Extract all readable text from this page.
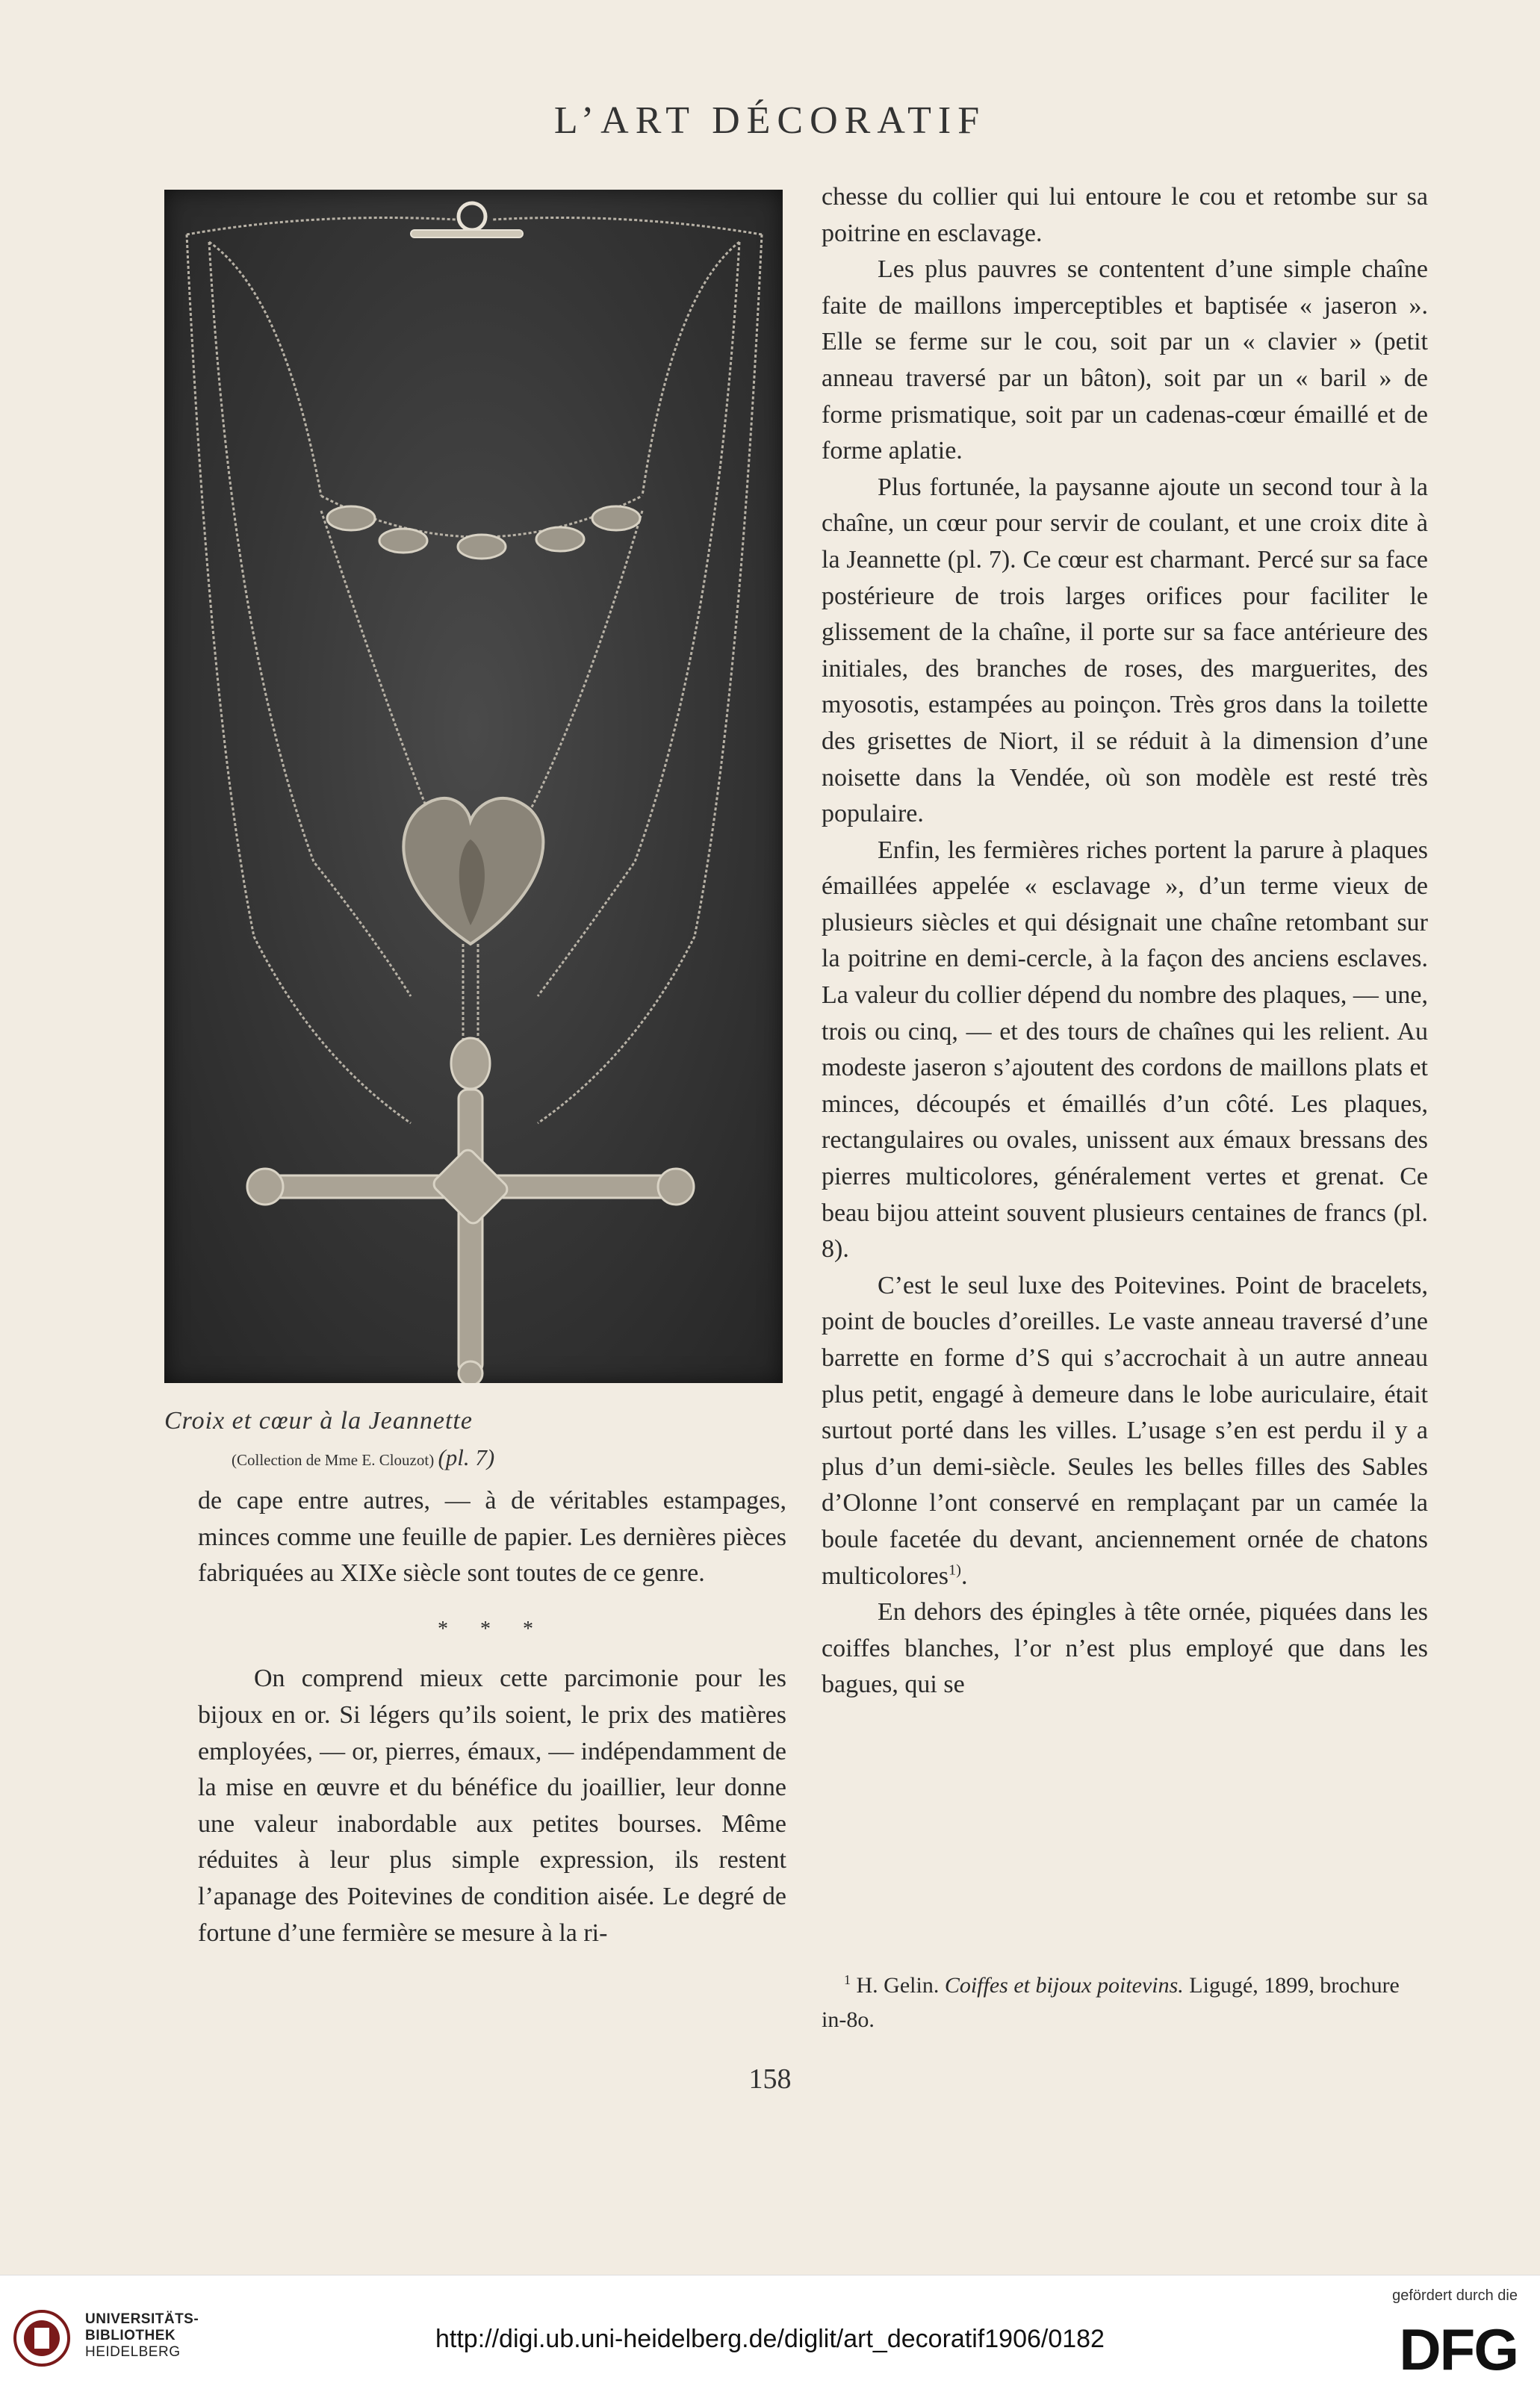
L’ART DÉCORATIF
Croix et cœur à la Jeannette
(Collection de Mme E. Clouzot) (pl. 7)

de cape entre autres, — à de véritables estampages, minces comme une feuille de papier. Les dernières pièces fabriquées au XIXe siècle sont toutes de ce genre.

* * *

On comprend mieux cette parcimonie pour les bijoux en or. Si légers qu’ils soient, le prix des matières employées, — or, pierres, émaux, — indépendamment de la mise en œuvre et du bénéfice du joaillier, leur donne une valeur inabordable aux petites bourses. Même réduites à leur plus simple expression, ils restent l’apanage des Poitevines de condition aisée. Le degré de fortune d’une fermière se mesure à la ri-

chesse du collier qui lui entoure le cou et retombe sur sa poitrine en esclavage.

Les plus pauvres se contentent d’une simple chaîne faite de maillons imperceptibles et baptisée « jaseron ». Elle se ferme sur le cou, soit par un « clavier » (petit anneau traversé par un bâton), soit par un « baril » de forme prismatique, soit par un cadenas-cœur émaillé et de forme aplatie.

Plus fortunée, la paysanne ajoute un second tour à la chaîne, un cœur pour servir de coulant, et une croix dite à la Jeannette (pl. 7). Ce cœur est charmant. Percé sur sa face postérieure de trois larges orifices pour faciliter le glissement de la chaîne, il porte sur sa face antérieure des initiales, des branches de roses, des marguerites, des myosotis, estampées au poinçon. Très gros dans la toilette des grisettes de Niort, il se réduit à la dimension d’une noisette dans la Vendée, où son modèle est resté très populaire.

Enfin, les fermières riches portent la parure à plaques émaillées appelée « esclavage », d’un terme vieux de plusieurs siècles et qui désignait une chaîne retombant sur la poitrine en demi-cercle, à la façon des anciens esclaves. La valeur du collier dépend du nombre des plaques, — une, trois ou cinq, — et des tours de chaînes qui les relient. Au modeste jaseron s’ajoutent des cordons de maillons plats et minces, découpés et émaillés d’un côté. Les plaques, rectangulaires ou ovales, unissent aux émaux bressans des pierres multicolores, généralement vertes et grenat. Ce beau bijou atteint souvent plusieurs centaines de francs (pl. 8).

C’est le seul luxe des Poitevines. Point de bracelets, point de boucles d’oreilles. Le vaste anneau traversé d’une barrette en forme d’S qui s’accrochait à un autre anneau plus petit, engagé à demeure dans le lobe auriculaire, était surtout porté dans les villes. L’usage s’en est perdu il y a plus d’un demi-siècle. Seules les belles filles des Sables d’Olonne l’ont conservé en remplaçant par un camée la boule facetée du devant, anciennement ornée de chatons multicolores$^{1)}$.

En dehors des épingles à tête ornée, piquées dans les coiffes blanches, l’or n’est plus employé que dans les bagues, qui se

$^1$ H. Gelin. Coiffes et bijoux poitevins. Ligugé, 1899, brochure in-8o.
158
UNIVERSITÄTS-
BIBLIOTHEK
HEIDELBERG	http://digi.ub.uni-heidelberg.de/diglit/art_decoratif1906/0182
gefördert durch die
DFG
